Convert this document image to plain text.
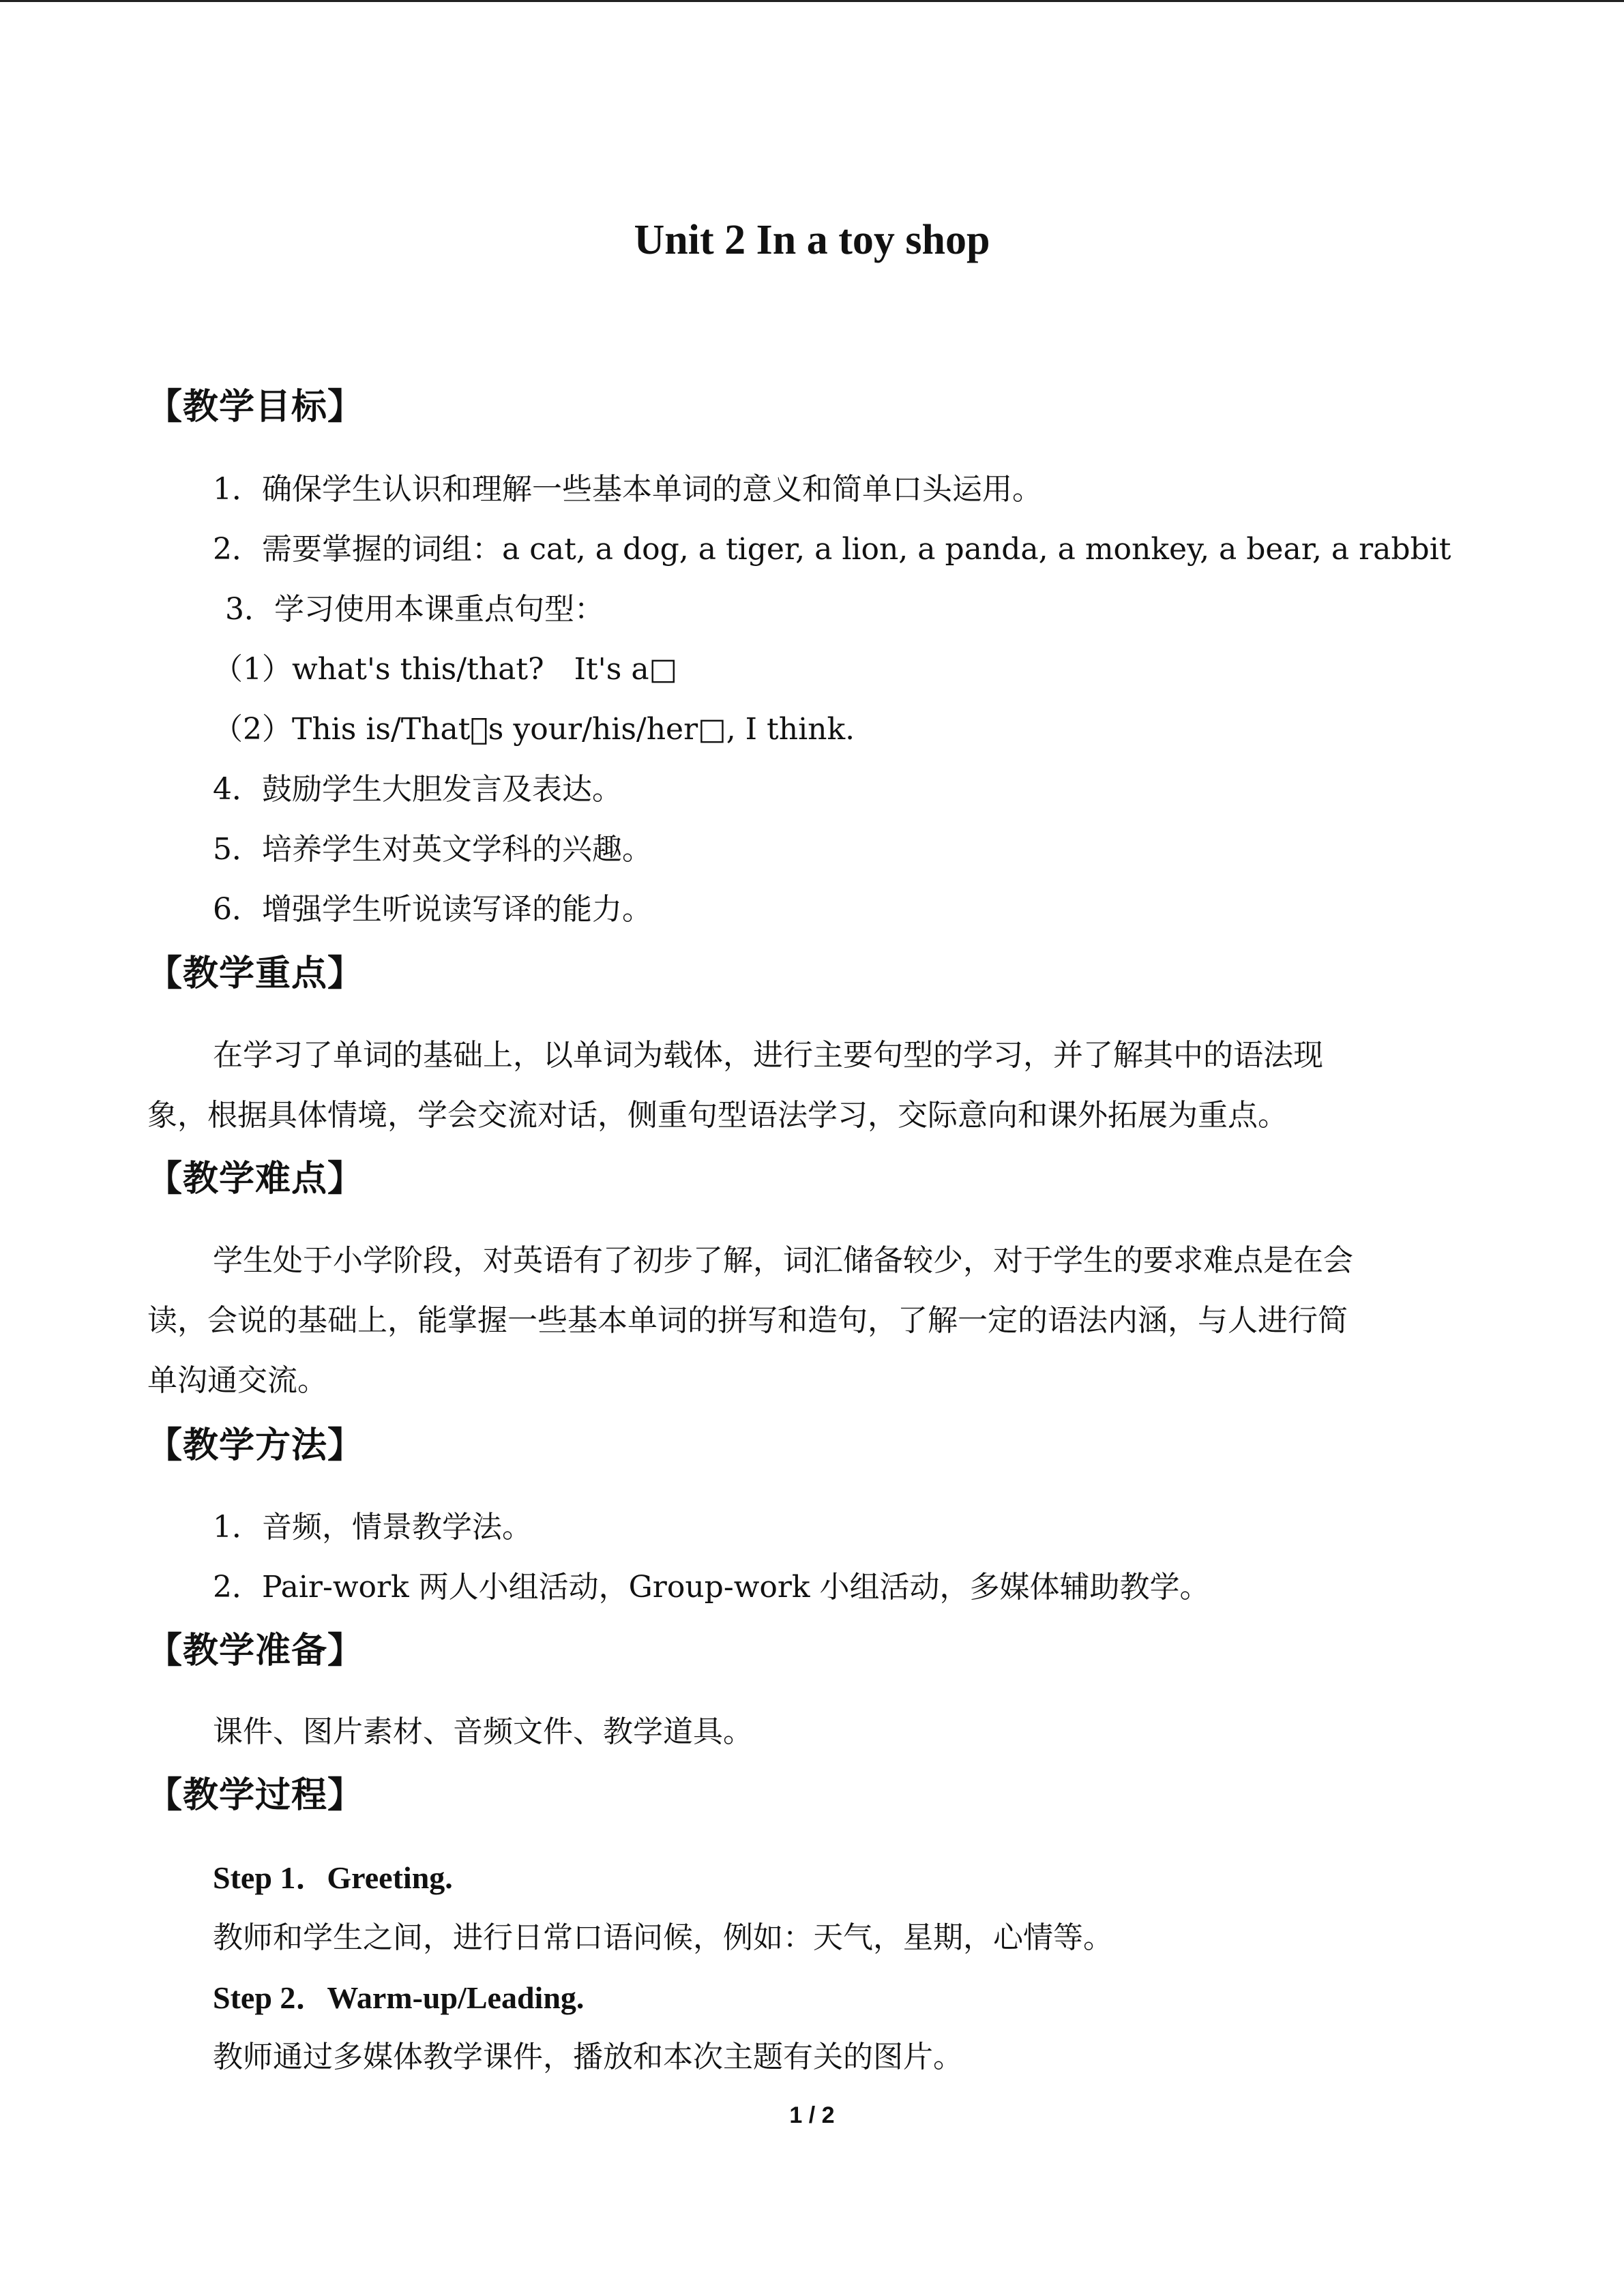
Unit 2 In a toy shop
【教学目标】
1．确保学生认识和理解一些基本单词的意义和简单口头运用。
2．需要掌握的词组：a cat, a dog, a tiger, a lion, a panda, a monkey, a bear, a rabbit
3．学习使用本课重点句型：
（1）what's this/that?　It's a□
（2）This is/That s your/his/her□, I think.
4．鼓励学生大胆发言及表达。
5．培养学生对英文学科的兴趣。
6．增强学生听说读写译的能力。
【教学重点】
在学习了单词的基础上，以单词为载体，进行主要句型的学习，并了解其中的语法现
象，根据具体情境，学会交流对话，侧重句型语法学习，交际意向和课外拓展为重点。
【教学难点】
学生处于小学阶段，对英语有了初步了解，词汇储备较少，对于学生的要求难点是在会
读，会说的基础上，能掌握一些基本单词的拼写和造句，了解一定的语法内涵，与人进行简
单沟通交流。
【教学方法】
1．音频，情景教学法。
2．Pair-work 两人小组活动，Group-work 小组活动，多媒体辅助教学。
【教学准备】
课件、图片素材、音频文件、教学道具。
【教学过程】
Step 1．Greeting.
教师和学生之间，进行日常口语问候，例如：天气，星期，心情等。
Step 2．Warm-up/Leading.
教师通过多媒体教学课件，播放和本次主题有关的图片。
1 / 2
